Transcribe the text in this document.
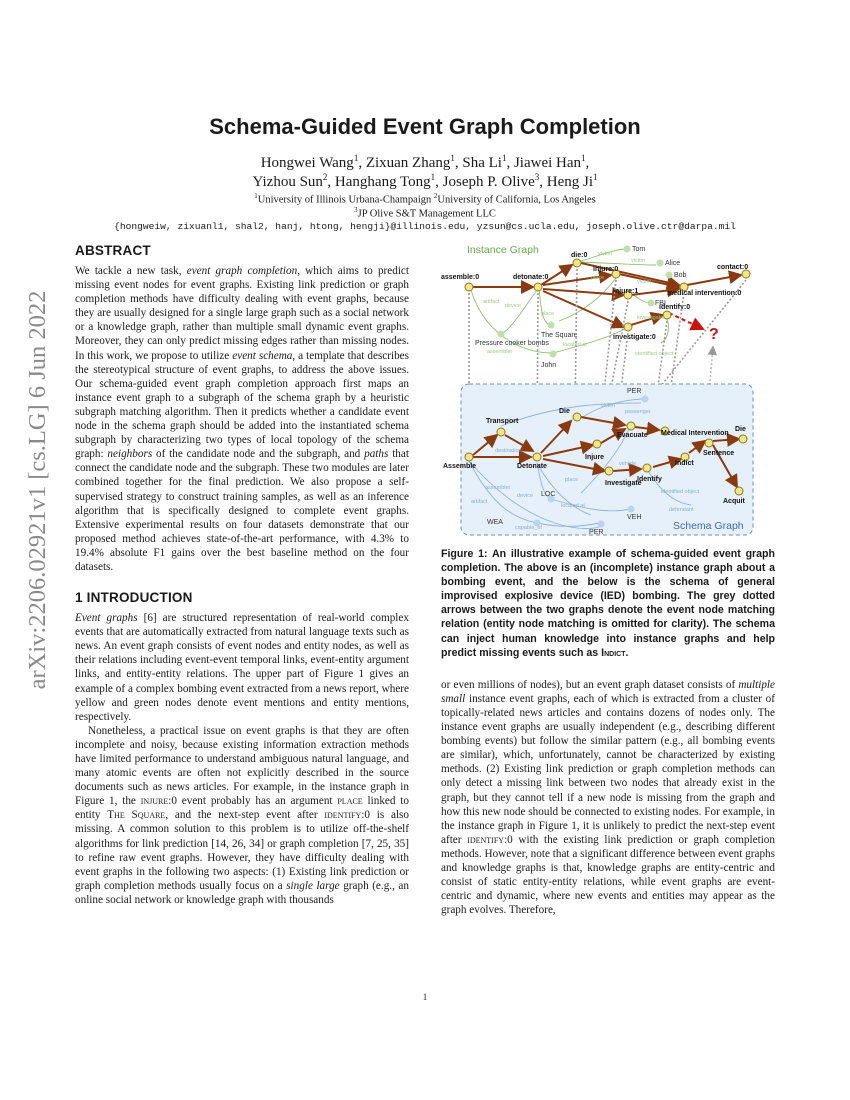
arXiv:2206.02921v1 [cs.LG] 6 Jun 2022
Schema-Guided Event Graph Completion
Hongwei Wang$^1$, Zixuan Zhang$^1$, Sha Li$^1$, Jiawei Han$^1$,
Yizhou Sun$^2$, Hanghang Tong$^1$, Joseph P. Olive$^3$, Heng Ji$^1$
$^1$University of Illinois Urbana-Champaign $^2$University of California, Los Angeles
$^3$JP Olive S&T Management LLC
{hongweiw, zixuanl1, shal2, hanj, htong, hengji}@illinois.edu, yzsun@cs.ucla.edu, joseph.olive.ctr@darpa.mil
ABSTRACT

We tackle a new task, event graph completion, which aims to predict missing event nodes for event graphs. Existing link prediction or graph completion methods have difficulty dealing with event graphs, because they are usually designed for a single large graph such as a social network or a knowledge graph, rather than multiple small dynamic event graphs. Moreover, they can only predict missing edges rather than missing nodes. In this work, we propose to utilize event schema, a template that describes the stereotypical structure of event graphs, to address the above issues. Our schema-guided event graph completion approach first maps an instance event graph to a subgraph of the schema graph by a heuristic subgraph matching algorithm. Then it predicts whether a candidate event node in the schema graph should be added into the instantiated schema subgraph by characterizing two types of local topology of the schema graph: neighbors of the candidate node and the subgraph, and paths that connect the candidate node and the subgraph. These two modules are later combined together for the final prediction. We also propose a self-supervised strategy to construct training samples, as well as an inference algorithm that is specifically designed to complete event graphs. Extensive experimental results on four datasets demonstrate that our proposed method achieves state-of-the-art performance, with 4.3% to 19.4% absolute F1 gains over the best baseline method on the four datasets.

1 INTRODUCTION

Event graphs [6] are structured representation of real-world complex events that are automatically extracted from natural language texts such as news. An event graph consists of event nodes and entity nodes, as well as their relations including event-event temporal links, event-entity argument links, and entity-entity relations. The upper part of Figure 1 gives an example of a complex bombing event extracted from a news report, where yellow and green nodes denote event mentions and entity mentions, respectively.

Nonetheless, a practical issue on event graphs is that they are often incomplete and noisy, because existing information extraction methods have limited performance to understand ambiguous natural language, and many atomic events are often not explicitly described in the source documents such as news articles. For example, in the instance graph in Figure 1, the injure:0 event probably has an argument place linked to entity The Square, and the next-step event after identify:0 is also missing. A common solution to this problem is to utilize off-the-shelf algorithms for link prediction [14, 26, 34] or graph completion [7, 25, 35] to refine raw event graphs. However, they have difficulty dealing with event graphs in the following two aspects: (1) Existing link prediction or graph completion methods usually focus on a single large graph (e.g., an online social network or knowledge graph with thousands

Instance Graph
?
assemble:0	detonate:0
die:0
injure:0
injure:1	medical intervention:0
contact:0
identify:0
investigate:0
Tom
Alice
Bob
FBI
Pressure cooker bombs
The Square
John
victim
victim
place
victim
investigator
artifact
device
place
located at
assembler	identified object
Transport
Assemble	Detonate
Die
Injure
Evacuate Medical Intervention
Investigate
Identify
Indict
Sentence
Die
Acquit
PER
LOC
VEH
WEA
PER
victim
passenger
destination
assembler
device
place
located at
artifact
capable_of
vehicle
identified object
defendant
Schema Graph
Figure 1: An illustrative example of schema-guided event graph completion. The above is an (incomplete) instance graph about a bombing event, and the below is the schema of general improvised explosive device (IED) bombing. The grey dotted arrows between the two graphs denote the event node matching relation (entity node matching is omitted for clarity). The schema can inject human knowledge into instance graphs and help predict missing events such as Indict.

or even millions of nodes), but an event graph dataset consists of multiple small instance event graphs, each of which is extracted from a cluster of topically-related news articles and contains dozens of nodes only. The instance event graphs are usually independent (e.g., describing different bombing events) but follow the similar pattern (e.g., all bombing events are similar), which, unfortunately, cannot be characterized by existing methods. (2) Existing link prediction or graph completion methods can only detect a missing link between two nodes that already exist in the graph, but they cannot tell if a new node is missing from the graph and how this new node should be connected to existing nodes. For example, in the instance graph in Figure 1, it is unlikely to predict the next-step event after identify:0 with the existing link prediction or graph completion methods. However, note that a significant difference between event graphs and knowledge graphs is that, knowledge graphs are entity-centric and consist of static entity-entity relations, while event graphs are event-centric and dynamic, where new events and entities may appear as the graph evolves. Therefore,

1
